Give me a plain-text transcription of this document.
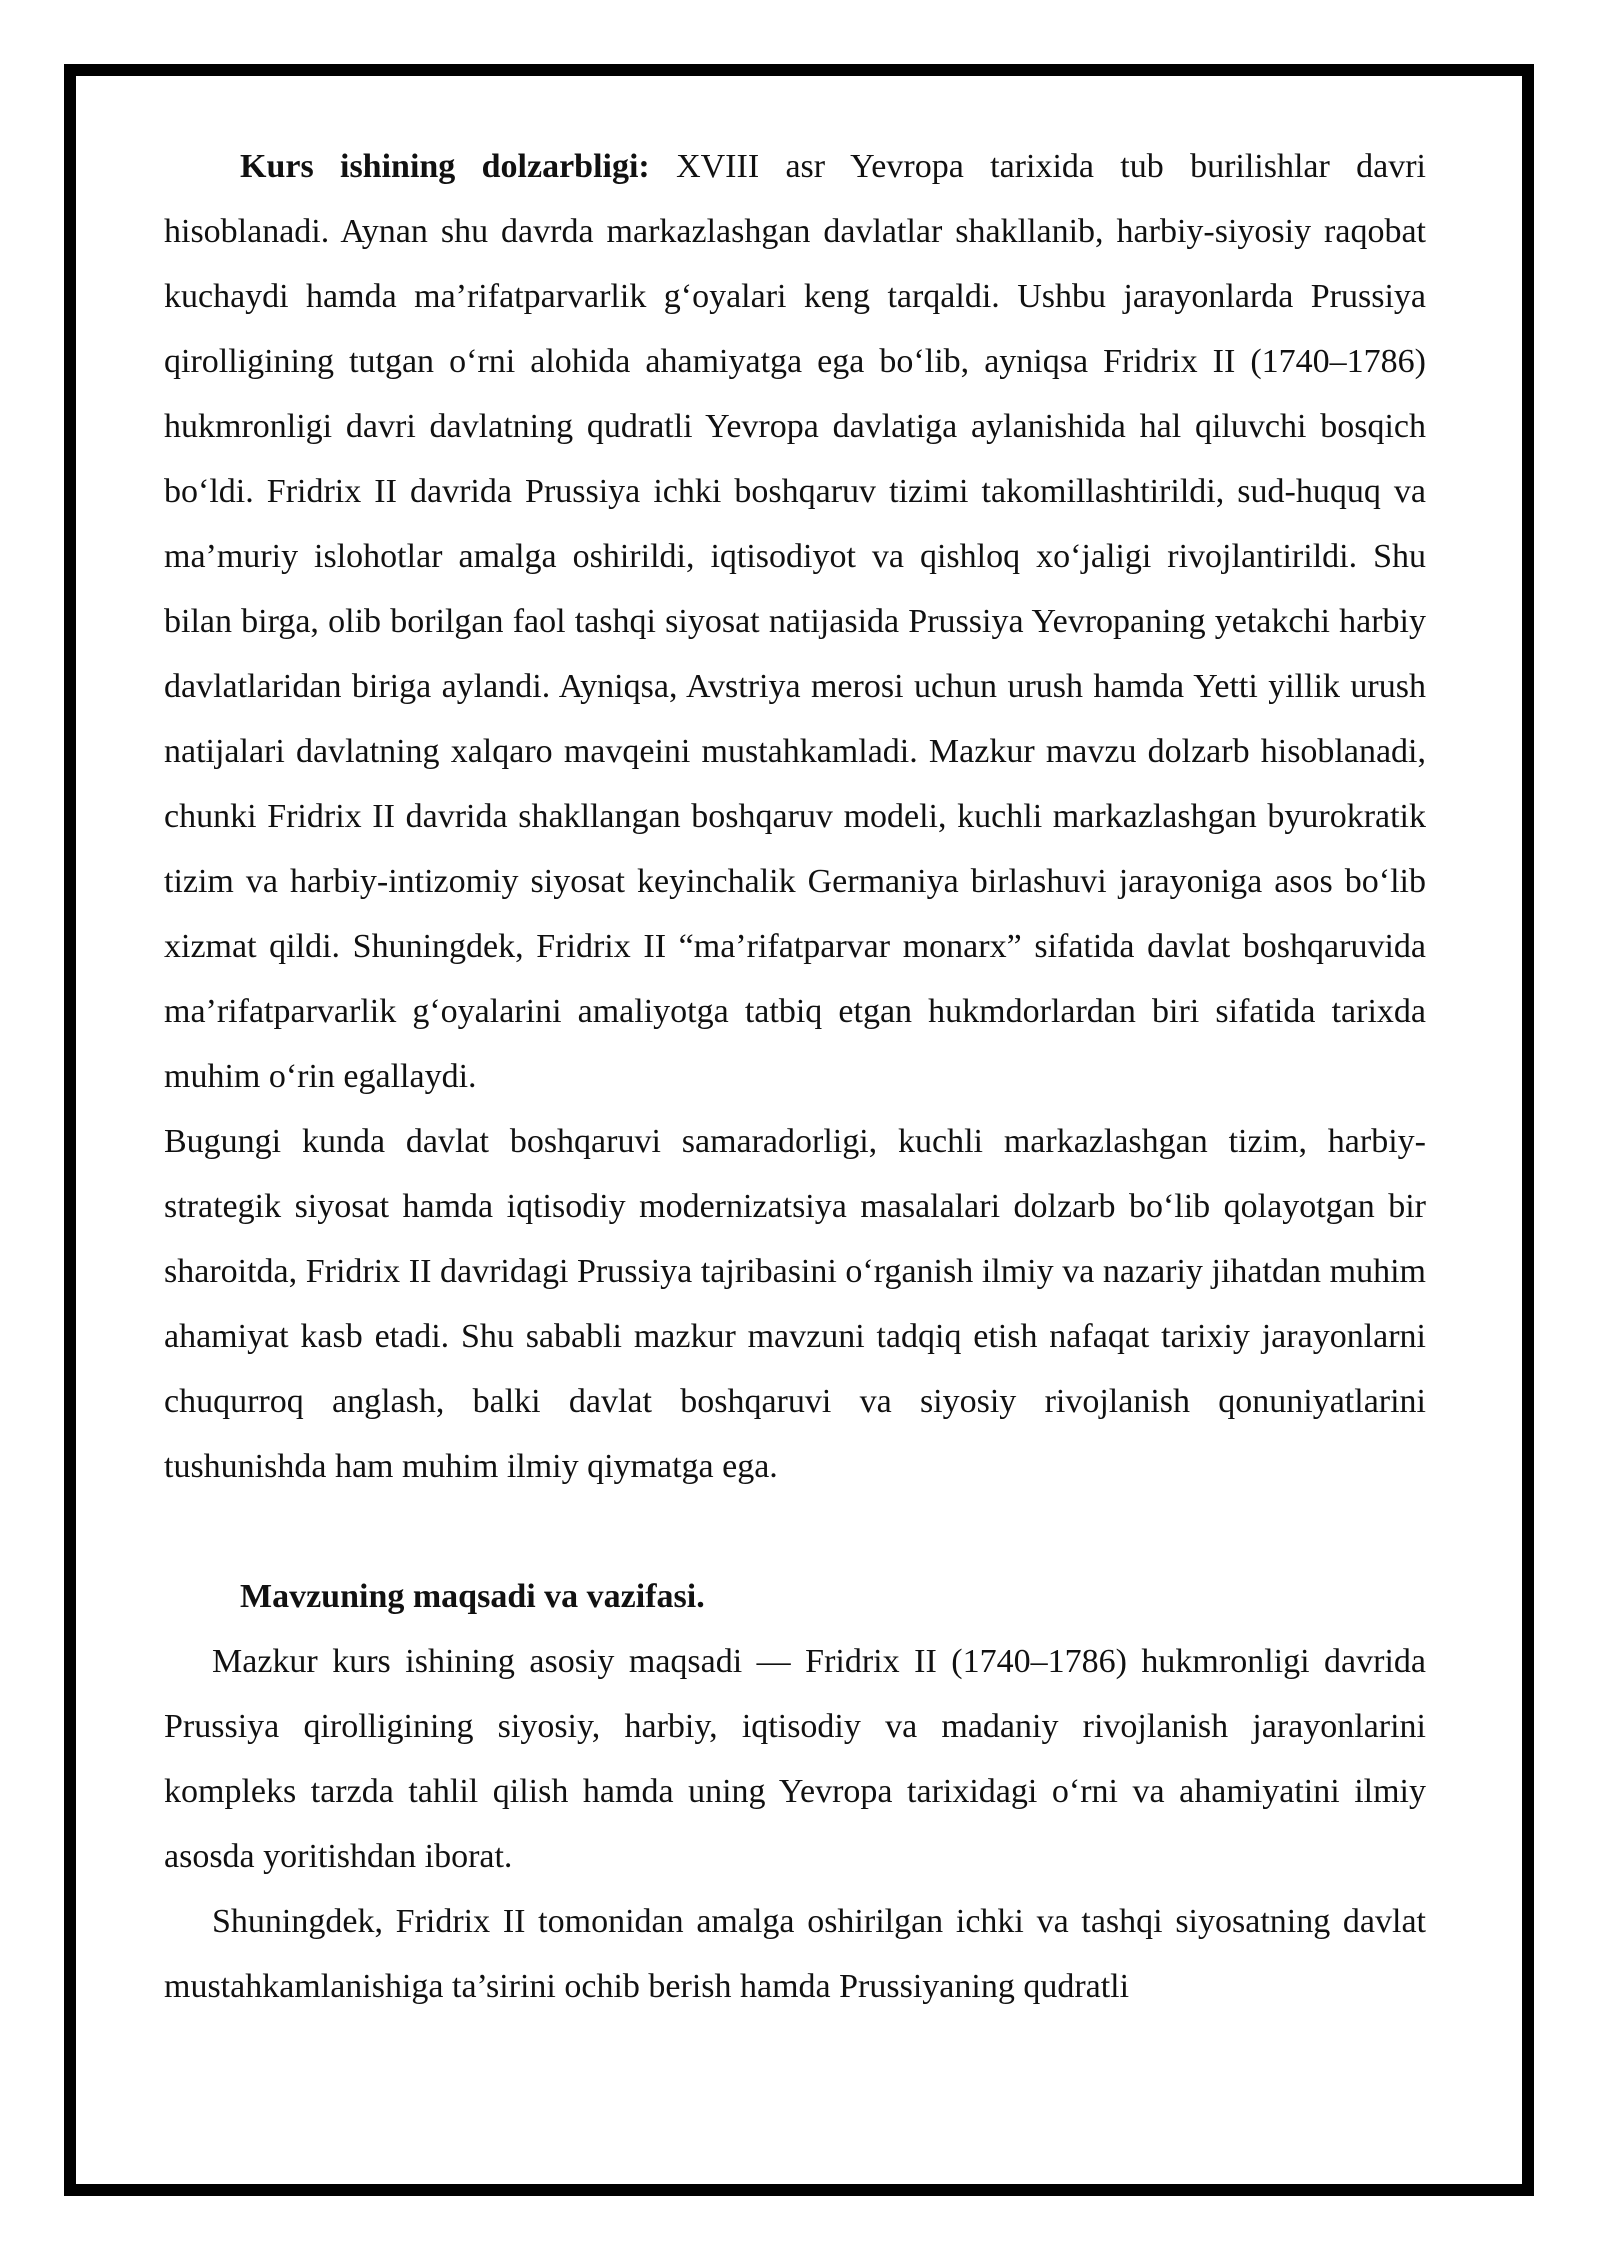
Kurs ishining dolzarbligi: XVIII asr Yevropa tarixida tub burilishlar davri hisoblanadi. Aynan shu davrda markazlashgan davlatlar shakllanib, harbiy-siyosiy raqobat kuchaydi hamda ma’rifatparvarlik g‘oyalari keng tarqaldi. Ushbu jarayonlarda Prussiya qirolligining tutgan o‘rni alohida ahamiyatga ega bo‘lib, ayniqsa Fridrix II (1740–1786) hukmronligi davri davlatning qudratli Yevropa davlatiga aylanishida hal qiluvchi bosqich bo‘ldi. Fridrix II davrida Prussiya ichki boshqaruv tizimi takomillashtirildi, sud-huquq va ma’muriy islohotlar amalga oshirildi, iqtisodiyot va qishloq xo‘jaligi rivojlantirildi. Shu bilan birga, olib borilgan faol tashqi siyosat natijasida Prussiya Yevropaning yetakchi harbiy davlatlaridan biriga aylandi. Ayniqsa, Avstriya merosi uchun urush hamda Yetti yillik urush natijalari davlatning xalqaro mavqeini mustahkamladi. Mazkur mavzu dolzarb hisoblanadi, chunki Fridrix II davrida shakllangan boshqaruv modeli, kuchli markazlashgan byurokratik tizim va harbiy-intizomiy siyosat keyinchalik Germaniya birlashuvi jarayoniga asos bo‘lib xizmat qildi. Shuningdek, Fridrix II “ma’rifatparvar monarx” sifatida davlat boshqaruvida ma’rifatparvarlik g‘oyalarini amaliyotga tatbiq etgan hukmdorlardan biri sifatida tarixda muhim o‘rin egallaydi.

Bugungi kunda davlat boshqaruvi samaradorligi, kuchli markazlashgan tizim, harbiy-strategik siyosat hamda iqtisodiy modernizatsiya masalalari dolzarb bo‘lib qolayotgan bir sharoitda, Fridrix II davridagi Prussiya tajribasini o‘rganish ilmiy va nazariy jihatdan muhim ahamiyat kasb etadi. Shu sababli mazkur mavzuni tadqiq etish nafaqat tarixiy jarayonlarni chuqurroq anglash, balki davlat boshqaruvi va siyosiy rivojlanish qonuniyatlarini tushunishda ham muhim ilmiy qiymatga ega.

Mavzuning maqsadi va vazifasi.

Mazkur kurs ishining asosiy maqsadi — Fridrix II (1740–1786) hukmronligi davrida Prussiya qirolligining siyosiy, harbiy, iqtisodiy va madaniy rivojlanish jarayonlarini kompleks tarzda tahlil qilish hamda uning Yevropa tarixidagi o‘rni va ahamiyatini ilmiy asosda yoritishdan iborat.

Shuningdek, Fridrix II tomonidan amalga oshirilgan ichki va tashqi siyosatning davlat mustahkamlanishiga ta’sirini ochib berish hamda Prussiyaning qudratli
